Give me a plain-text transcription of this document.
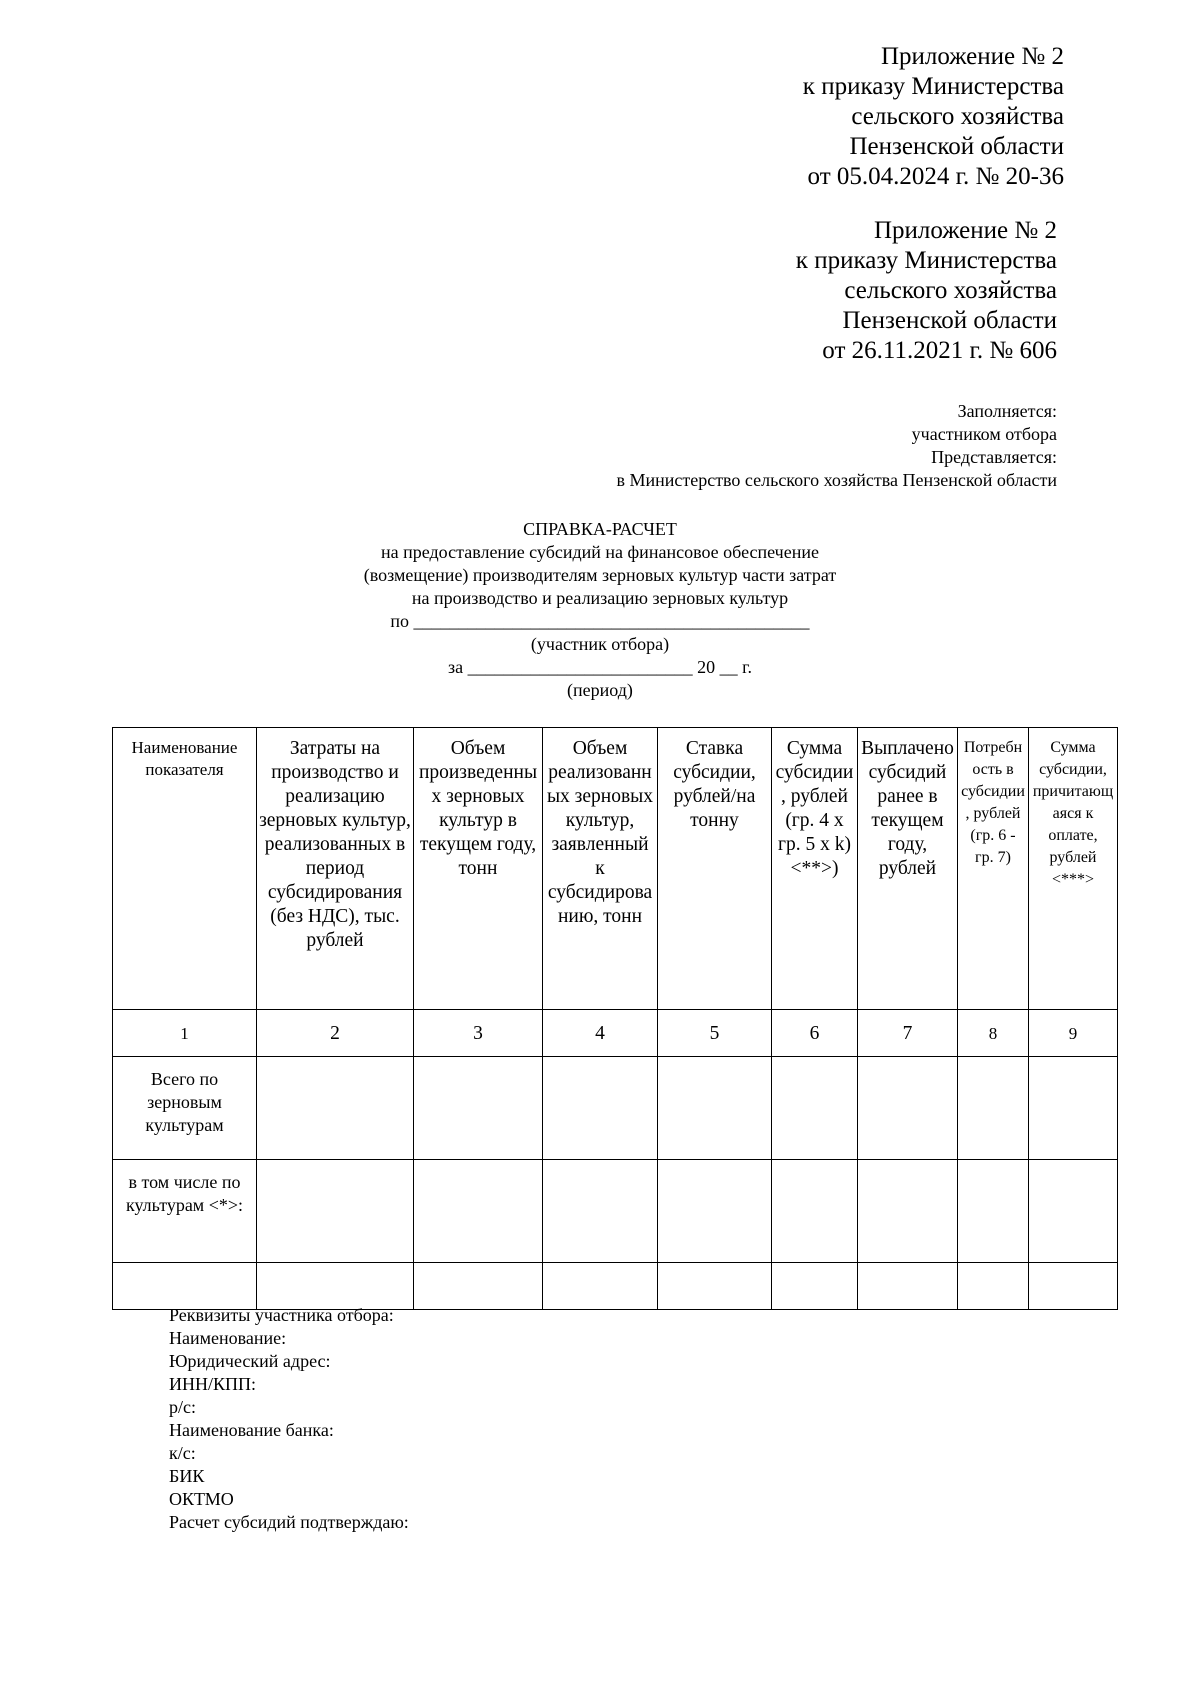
Приложение № 2
к приказу Министерства
сельского хозяйства
Пензенской области
от 05.04.2024 г. № 20-36
Приложение № 2
к приказу Министерства
сельского хозяйства
Пензенской области
от 26.11.2021 г. № 606
Заполняется:
участником отбора
Представляется:
в Министерство сельского хозяйства Пензенской области
СПРАВКА-РАСЧЕТ
на предоставление субсидий на финансовое обеспечение
(возмещение) производителям зерновых культур части затрат
на производство и реализацию зерновых культур
по ____________________________________________
(участник отбора)
за _________________________ 20 __ г.
(период)
Наименование показателя	Затраты на производство и реализацию зерновых культур, реализованных в период субсидирования (без НДС), тыс. рублей	Объем произведенных зерновых культур в текущем году, тонн	Объем реализованных зерновых культур, заявленный к субсидированию, тонн	Ставка субсидии, рублей/на тонну	Сумма субсидии, рублей (гр. 4 x гр. 5 x k) <**>)	Выплачено субсидий ранее в текущем году, рублей	Потребность в субсидии, рублей (гр. 6 - гр. 7)	Сумма субсидии, причитающаяся к оплате, рублей <***>
1	2	3	4	5	6	7	8	9
Всего по зерновым культурам								
в том числе по культурам <*>:								

Реквизиты участника отбора:
Наименование:
Юридический адрес:
ИНН/КПП:
р/с:
Наименование банка:
к/с:
БИК
ОКТМО
Расчет субсидий подтверждаю:
